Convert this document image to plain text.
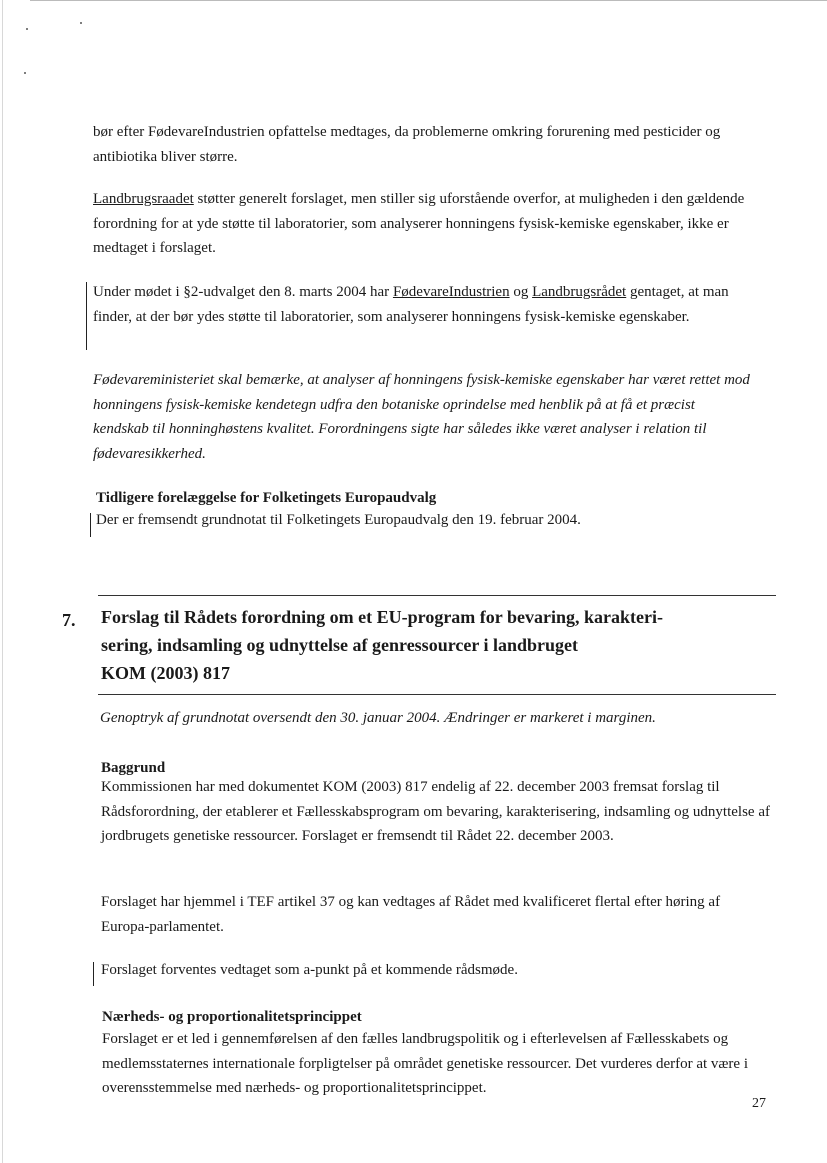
bør efter FødevareIndustrien opfattelse medtages, da problemerne omkring forurening med pesticider og antibiotika bliver større.

Landbrugsraadet støtter generelt forslaget, men stiller sig uforstående overfor, at muligheden i den gældende forordning for at yde støtte til laboratorier, som analyserer honningens fysisk-kemiske egenskaber, ikke er medtaget i forslaget.

Under mødet i §2-udvalget den 8. marts 2004 har FødevareIndustrien og Landbrugsrådet gentaget, at man finder, at der bør ydes støtte til laboratorier, som analyserer honningens fysisk-kemiske egenskaber.

Fødevareministeriet skal bemærke, at analyser af honningens fysisk-kemiske egenskaber har været rettet mod honningens fysisk-kemiske kendetegn udfra den botaniske oprindelse med henblik på at få et præcist kendskab til honninghøstens kvalitet. Forordningens sigte har således ikke været analyser i relation til fødevaresikkerhed.

Tidligere forelæggelse for Folketingets Europaudvalg

Der er fremsendt grundnotat til Folketingets Europaudvalg den 19. februar 2004.

7. Forslag til Rådets forordning om et EU-program for bevaring, karakteri-
sering, indsamling og udnyttelse af genressourcer i landbruget
KOM (2003) 817
Genoptryk af grundnotat oversendt den 30. januar 2004. Ændringer er markeret i marginen.
Baggrund

Kommissionen har med dokumentet KOM (2003) 817 endelig af 22. december 2003 fremsat forslag til Rådsforordning, der etablerer et Fællesskabsprogram om bevaring, karakterisering, indsamling og udnyttelse af jordbrugets genetiske ressourcer. Forslaget er fremsendt til Rådet 22. december 2003.

Forslaget har hjemmel i TEF artikel 37 og kan vedtages af Rådet med kvalificeret flertal efter høring af Europa-parlamentet.

Forslaget forventes vedtaget som a-punkt på et kommende rådsmøde.

Nærheds- og proportionalitetsprincippet

Forslaget er et led i gennemførelsen af den fælles landbrugspolitik og i efterlevelsen af Fællesskabets og medlemsstaternes internationale forpligtelser på området genetiske ressourcer. Det vurderes derfor at være i overensstemmelse med nærheds- og proportionalitetsprincippet.

27
